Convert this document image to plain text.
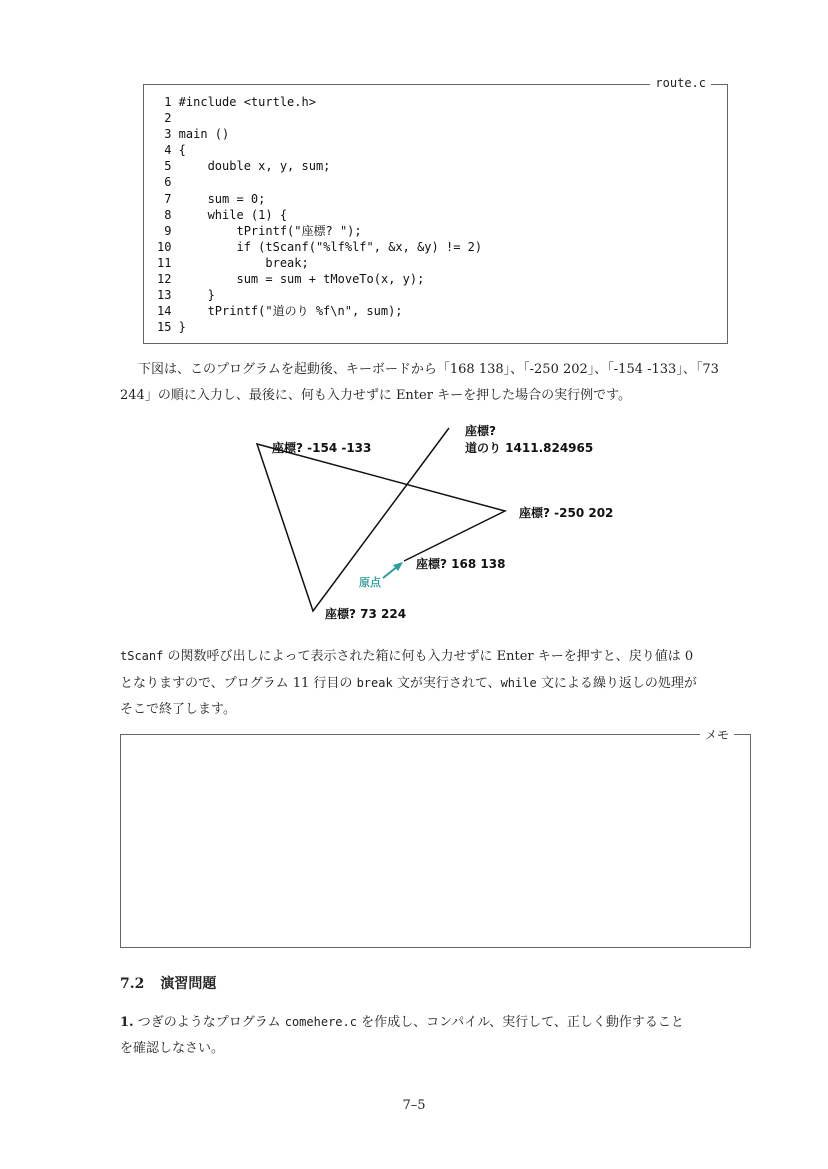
route.c
1 #include <turtle.h>
2
3 main ()
4 {
5     double x, y, sum;
6
7     sum = 0;
8     while (1) {
9         tPrintf("座標? ");
10         if (tScanf("%lf%lf", &x, &y) != 2)
11             break;
12         sum = sum + tMoveTo(x, y);
13     }
14     tPrintf("道のり %f\n", sum);
15 }

下図は、このプログラムを起動後、キーボードから「168 138」、「-250 202」、「-154 -133」、「73

244」の順に入力し、最後に、何も入力せずに Enter キーを押した場合の実行例です。

原点
座標? 168 138
座標? -250 202
座標? -154 -133
座標? 73 224
座標?
道のり 1411.824965

tScanf の関数呼び出しによって表示された箱に何も入力せずに Enter キーを押すと、戻り値は 0

となりますので、プログラム 11 行目の break 文が実行されて、while 文による繰り返しの処理が

そこで終了します。

メモ
7.2 演習問題

1. つぎのようなプログラム comehere.c を作成し、コンパイル、実行して、正しく動作すること

を確認しなさい。

7–5
